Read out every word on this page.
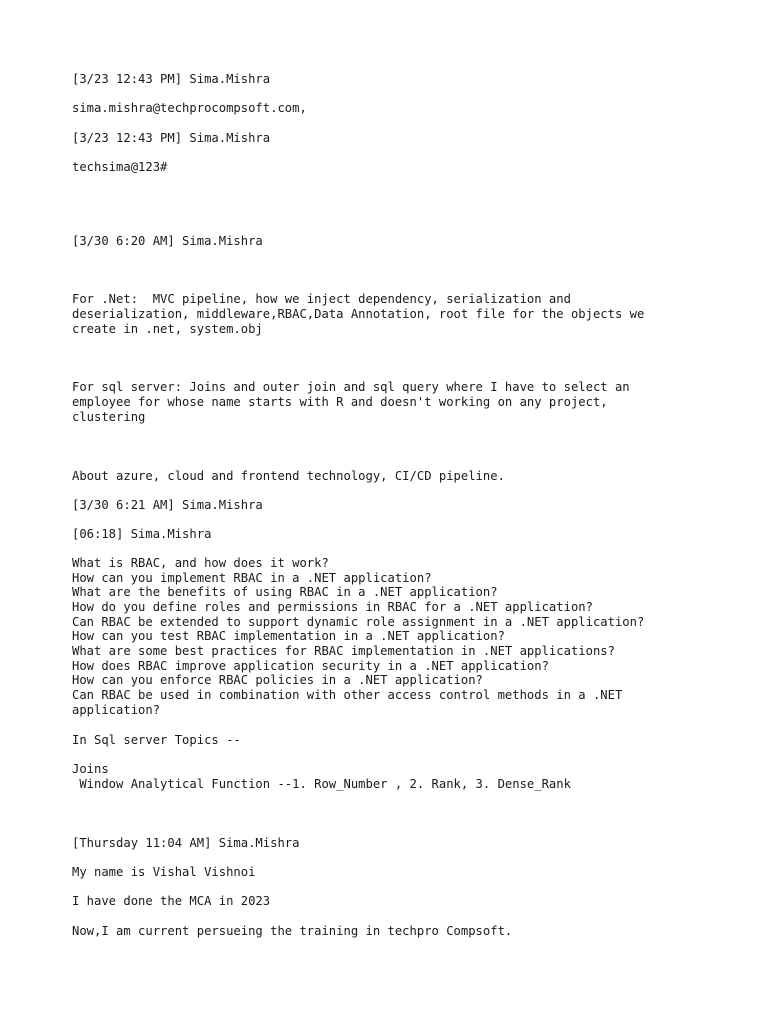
[3/23 12:43 PM] Sima.Mishra

sima.mishra@techprocompsoft.com,

[3/23 12:43 PM] Sima.Mishra

techsima@123#

[3/30 6:20 AM] Sima.Mishra

For .Net:  MVC pipeline, how we inject dependency, serialization and

deserialization, middleware,RBAC,Data Annotation, root file for the objects we

create in .net, system.obj

For sql server: Joins and outer join and sql query where I have to select an

employee for whose name starts with R and doesn't working on any project,

clustering

About azure, cloud and frontend technology, CI/CD pipeline.

[3/30 6:21 AM] Sima.Mishra

[06:18] Sima.Mishra

What is RBAC, and how does it work?

How can you implement RBAC in a .NET application?

What are the benefits of using RBAC in a .NET application?

How do you define roles and permissions in RBAC for a .NET application?

Can RBAC be extended to support dynamic role assignment in a .NET application?

How can you test RBAC implementation in a .NET application?

What are some best practices for RBAC implementation in .NET applications?

How does RBAC improve application security in a .NET application?

How can you enforce RBAC policies in a .NET application?

Can RBAC be used in combination with other access control methods in a .NET

application?

In Sql server Topics --

Joins

Window Analytical Function --1. Row_Number , 2. Rank, 3. Dense_Rank

[Thursday 11:04 AM] Sima.Mishra

My name is Vishal Vishnoi

I have done the MCA in 2023

Now,I am current persueing the training in techpro Compsoft.
